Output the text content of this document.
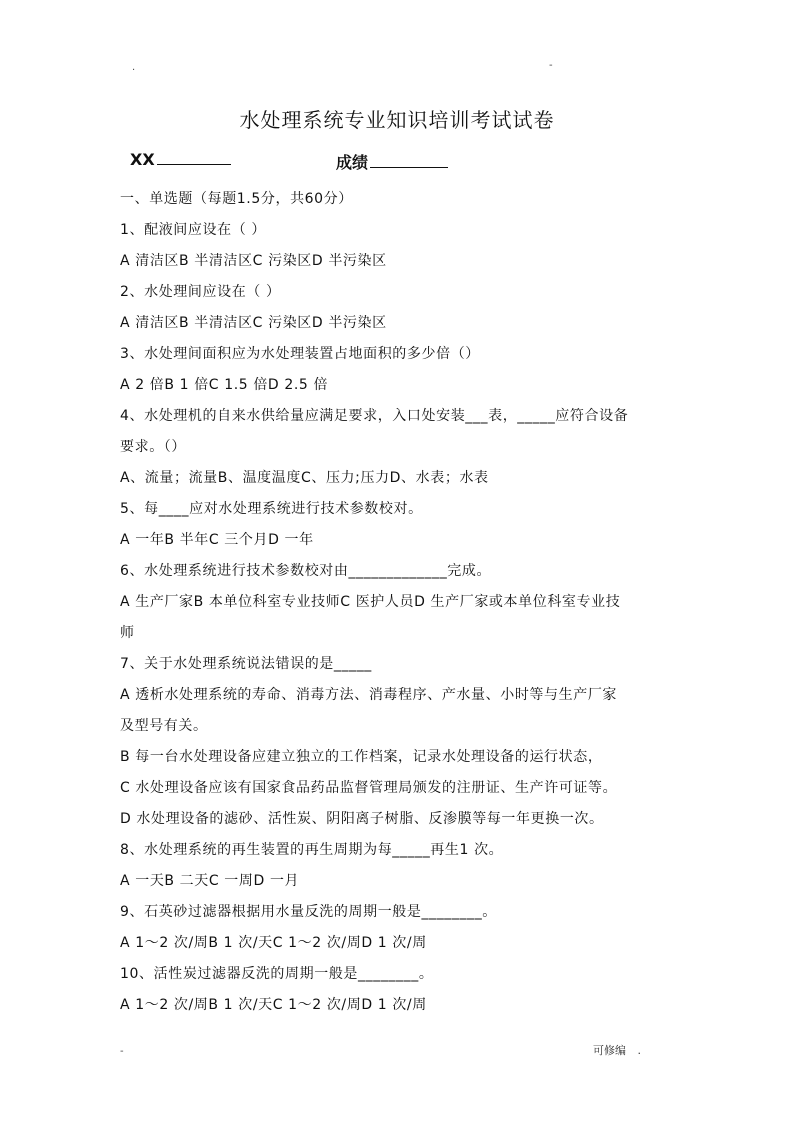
.	-
水处理系统专业知识培训考试试卷
XX	成绩
一、单选题（每题1.5分，共60分）
1、配液间应设在（ ）
A 清洁区B 半清洁区C 污染区D 半污染区
2、水处理间应设在（ ）
A 清洁区B 半清洁区C 污染区D 半污染区
3、水处理间面积应为水处理装置占地面积的多少倍（）
A 2 倍B 1 倍C 1.5 倍D 2.5 倍
4、水处理机的自来水供给量应满足要求，入口处安装___表，_____应符合设备
要求。（）
A、流量；流量B、温度温度C、压力;压力D、水表；水表
5、每____应对水处理系统进行技术参数校对。
A 一年B 半年C 三个月D 一年
6、水处理系统进行技术参数校对由_____________完成。
A 生产厂家B 本单位科室专业技师C 医护人员D 生产厂家或本单位科室专业技
师
7、关于水处理系统说法错误的是_____
A 透析水处理系统的寿命、消毒方法、消毒程序、产水量、小时等与生产厂家
及型号有关。
B 每一台水处理设备应建立独立的工作档案，记录水处理设备的运行状态，
C 水处理设备应该有国家食品药品监督管理局颁发的注册证、生产许可证等。
D 水处理设备的滤砂、活性炭、阴阳离子树脂、反渗膜等每一年更换一次。
8、水处理系统的再生装置的再生周期为每_____再生1 次。
A 一天B 二天C 一周D 一月
9、石英砂过滤器根据用水量反洗的周期一般是________。
A 1～2 次/周B 1 次/天C 1～2 次/周D 1 次/周
10、活性炭过滤器反洗的周期一般是________。
A 1～2 次/周B 1 次/天C 1～2 次/周D 1 次/周
-	可修编 .
